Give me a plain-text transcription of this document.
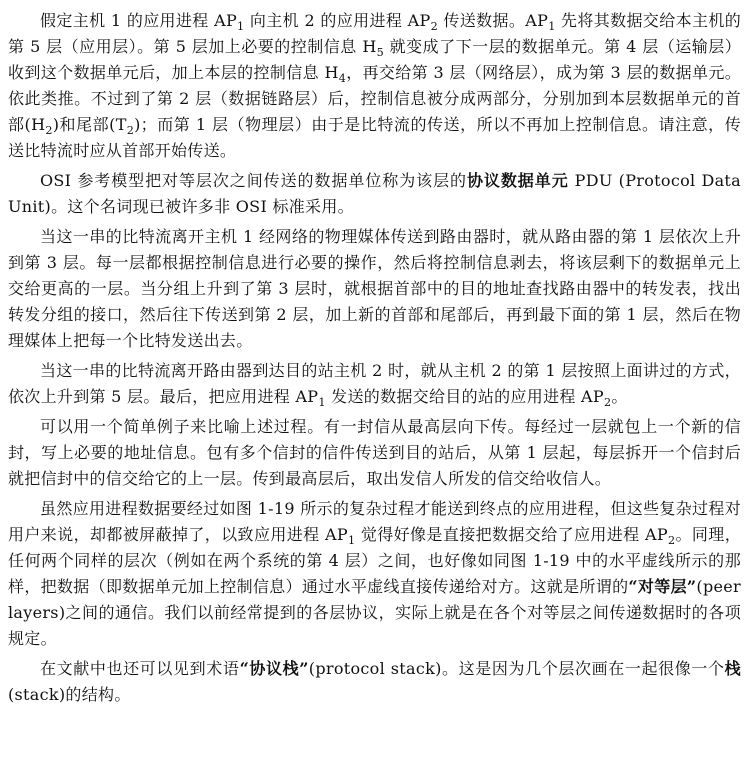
假定主机 1 的应用进程 $AP_1$ 向主机 2 的应用进程 $AP_2$ 传送数据。$AP_1$ 先将其数据交给本主机的第 5 层（应用层）。第 5 层加上必要的控制信息 $H_5$ 就变成了下一层的数据单元。第 4 层（运输层）收到这个数据单元后，加上本层的控制信息 $H_4$，再交给第 3 层（网络层），成为第 3 层的数据单元。依此类推。不过到了第 2 层（数据链路层）后，控制信息被分成两部分，分别加到本层数据单元的首部$(H_2)$和尾部$(T_2)$；而第 1 层（物理层）由于是比特流的传送，所以不再加上控制信息。请注意，传送比特流时应从首部开始传送。

OSI 参考模型把对等层次之间传送的数据单位称为该层的协议数据单元 PDU (Protocol Data Unit)。这个名词现已被许多非 OSI 标准采用。

当这一串的比特流离开主机 1 经网络的物理媒体传送到路由器时，就从路由器的第 1 层依次上升到第 3 层。每一层都根据控制信息进行必要的操作，然后将控制信息剥去，将该层剩下的数据单元上交给更高的一层。当分组上升到了第 3 层时，就根据首部中的目的地址查找路由器中的转发表，找出转发分组的接口，然后往下传送到第 2 层，加上新的首部和尾部后，再到最下面的第 1 层，然后在物理媒体上把每一个比特发送出去。

当这一串的比特流离开路由器到达目的站主机 2 时，就从主机 2 的第 1 层按照上面讲过的方式，依次上升到第 5 层。最后，把应用进程 $AP_1$ 发送的数据交给目的站的应用进程 $AP_2$。

可以用一个简单例子来比喻上述过程。有一封信从最高层向下传。每经过一层就包上一个新的信封，写上必要的地址信息。包有多个信封的信件传送到目的站后，从第 1 层起，每层拆开一个信封后就把信封中的信交给它的上一层。传到最高层后，取出发信人所发的信交给收信人。

虽然应用进程数据要经过如图 1-19 所示的复杂过程才能送到终点的应用进程，但这些复杂过程对用户来说，却都被屏蔽掉了，以致应用进程 $AP_1$ 觉得好像是直接把数据交给了应用进程 $AP_2$。同理，任何两个同样的层次（例如在两个系统的第 4 层）之间，也好像如同图 1-19 中的水平虚线所示的那样，把数据（即数据单元加上控制信息）通过水平虚线直接传递给对方。这就是所谓的“对等层”(peer layers)之间的通信。我们以前经常提到的各层协议，实际上就是在各个对等层之间传递数据时的各项规定。

在文献中也还可以见到术语“协议栈”(protocol stack)。这是因为几个层次画在一起很像一个栈(stack)的结构。
